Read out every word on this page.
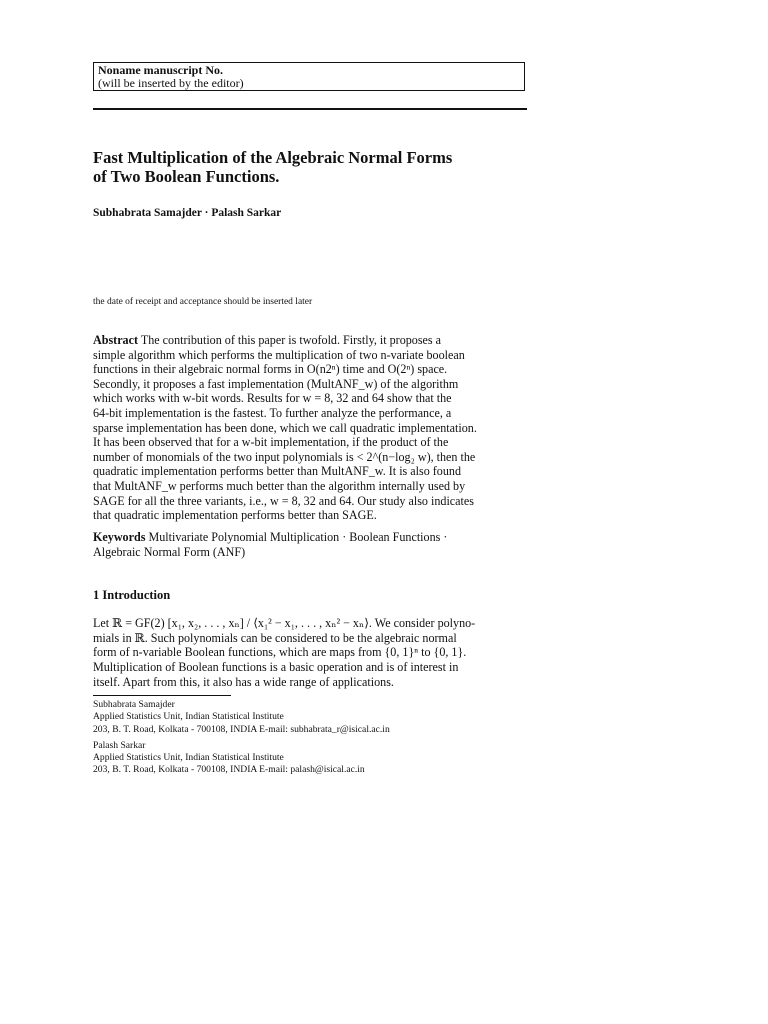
Noname manuscript No.
(will be inserted by the editor)
Fast Multiplication of the Algebraic Normal Forms
of Two Boolean Functions.
Subhabrata Samajder · Palash Sarkar
the date of receipt and acceptance should be inserted later
Abstract The contribution of this paper is twofold. Firstly, it proposes a
simple algorithm which performs the multiplication of two n-variate boolean
functions in their algebraic normal forms in O(n2ⁿ) time and O(2ⁿ) space.
Secondly, it proposes a fast implementation (MultANF_w) of the algorithm
which works with w-bit words. Results for w = 8, 32 and 64 show that the
64-bit implementation is the fastest. To further analyze the performance, a
sparse implementation has been done, which we call quadratic implementation.
It has been observed that for a w-bit implementation, if the product of the
number of monomials of the two input polynomials is < 2^(n−log₂ w), then the
quadratic implementation performs better than MultANF_w. It is also found
that MultANF_w performs much better than the algorithm internally used by
SAGE for all the three variants, i.e., w = 8, 32 and 64. Our study also indicates
that quadratic implementation performs better than SAGE.
Keywords Multivariate Polynomial Multiplication · Boolean Functions ·
Algebraic Normal Form (ANF)
1 Introduction
Let ℝ = GF(2) [x₁, x₂, . . . , xₙ] / ⟨x₁² − x₁, . . . , xₙ² − xₙ⟩. We consider polyno-
mials in ℝ. Such polynomials can be considered to be the algebraic normal
form of n-variable Boolean functions, which are maps from {0, 1}ⁿ to {0, 1}.
Multiplication of Boolean functions is a basic operation and is of interest in
itself. Apart from this, it also has a wide range of applications.
Subhabrata Samajder
Applied Statistics Unit, Indian Statistical Institute
203, B. T. Road, Kolkata - 700108, INDIA E-mail: subhabrata_r@isical.ac.in
Palash Sarkar
Applied Statistics Unit, Indian Statistical Institute
203, B. T. Road, Kolkata - 700108, INDIA E-mail: palash@isical.ac.in
